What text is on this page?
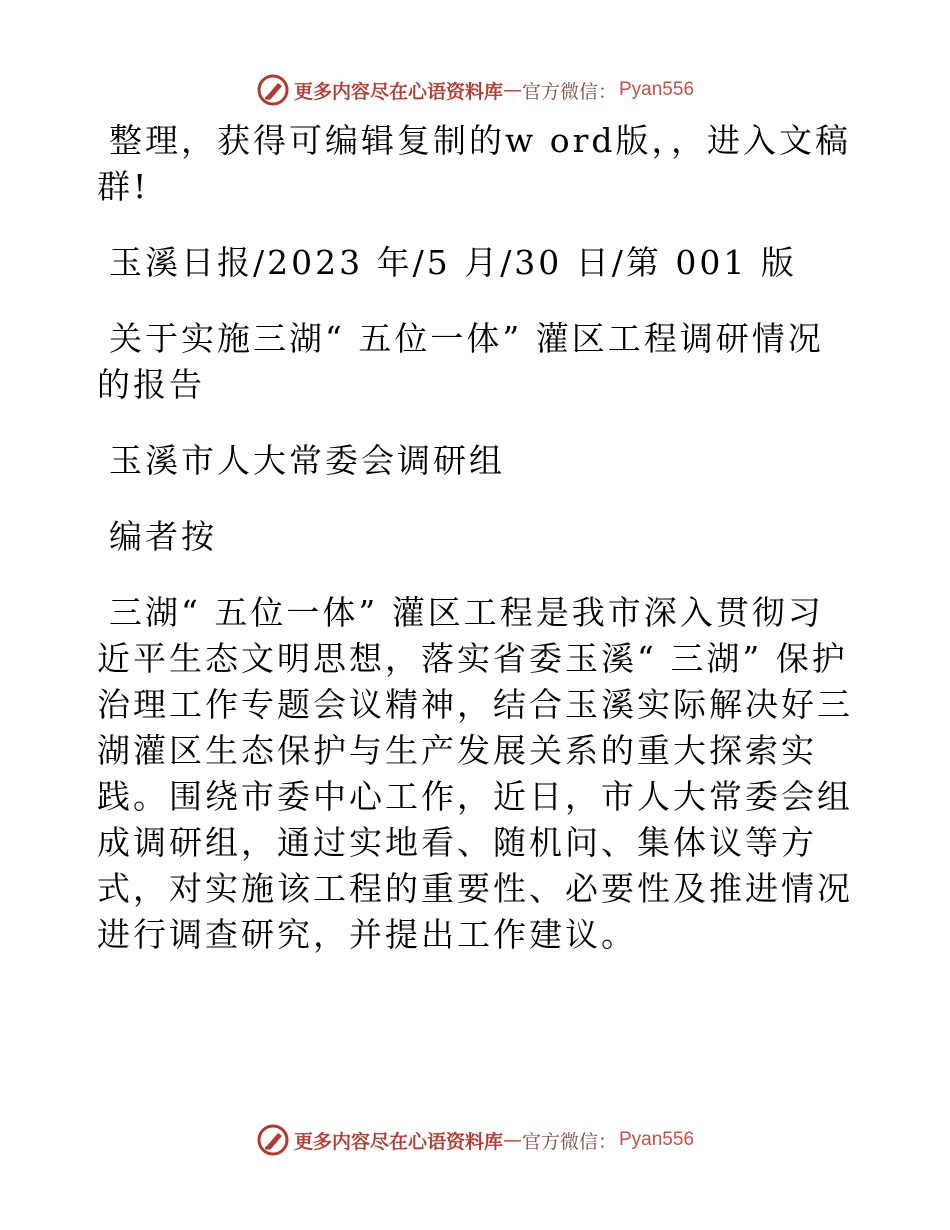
更多内容尽在心语资料库 — 官方微信： Pyan556

整理，获得可编辑复制的w ord版，，进入文稿群!

玉溪日报/2023 年/5 月/30 日/第 001 版

关于实施三湖“ 五位一体” 灌区工程调研情况的报告

玉溪市人大常委会调研组

编者按

三湖“ 五位一体” 灌区工程是我市深入贯彻习近平生态文明思想，落实省委玉溪“ 三湖” 保护治理工作专题会议精神，结合玉溪实际解决好三湖灌区生态保护与生产发展关系的重大探索实践。围绕市委中心工作，近日，市人大常委会组成调研组，通过实地看、随机问、集体议等方式，对实施该工程的重要性、必要性及推进情况进行调查研究，并提出工作建议。

更多内容尽在心语资料库 — 官方微信： Pyan556
